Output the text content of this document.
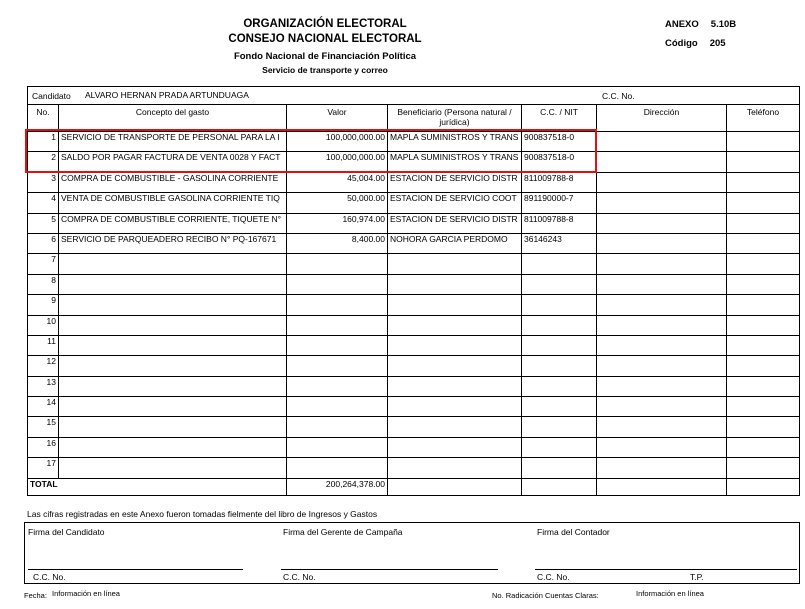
ORGANIZACIÓN ELECTORAL
CONSEJO NACIONAL ELECTORAL
Fondo Nacional de Financiación Política
Servicio de transporte y correo
ANEXO 5.10B
Código 205
Candidato ALVARO HERNAN PRADA ARTUNDUAGA	C.C. No.
No.	Concepto del gasto	Valor	Beneficiario (Persona natural / jurídica)	C.C. / NIT	Dirección	Teléfono
1	SERVICIO DE TRANSPORTE DE PERSONAL PARA LA I	100,000,000.00	MAPLA SUMINISTROS Y TRANS	900837518-0		
2	SALDO POR PAGAR FACTURA DE VENTA 0028 Y FACT	100,000,000.00	MAPLA SUMINISTROS Y TRANS	900837518-0		
3	COMPRA DE COMBUSTIBLE - GASOLINA CORRIENTE	45,004.00	ESTACION DE SERVICIO DISTR	811009788-8		
4	VENTA DE COMBUSTIBLE GASOLINA CORRIENTE TIQ	50,000.00	ESTACION DE SERVICIO COOT	891190000-7		
5	COMPRA DE COMBUSTIBLE CORRIENTE, TIQUETE N°	160,974.00	ESTACION DE SERVICIO DISTR	811009788-8		
6	SERVICIO DE PARQUEADERO RECIBO N° PQ-167671	8,400.00	NOHORA GARCIA PERDOMO	36146243		
7						
8						
9						
10						
11						
12						
13						
14						
15						
16						
17						
TOTAL		200,264,378.00				
Las cifras registradas en este Anexo fueron tomadas fielmente del libro de Ingresos y Gastos
Firma del Candidato	Firma del Gerente de Campaña	Firma del Contador
C.C. No.	C.C. No.	C.C. No.	T.P.
Fecha: Información en línea	No. Radicación Cuentas Claras:	Información en línea
